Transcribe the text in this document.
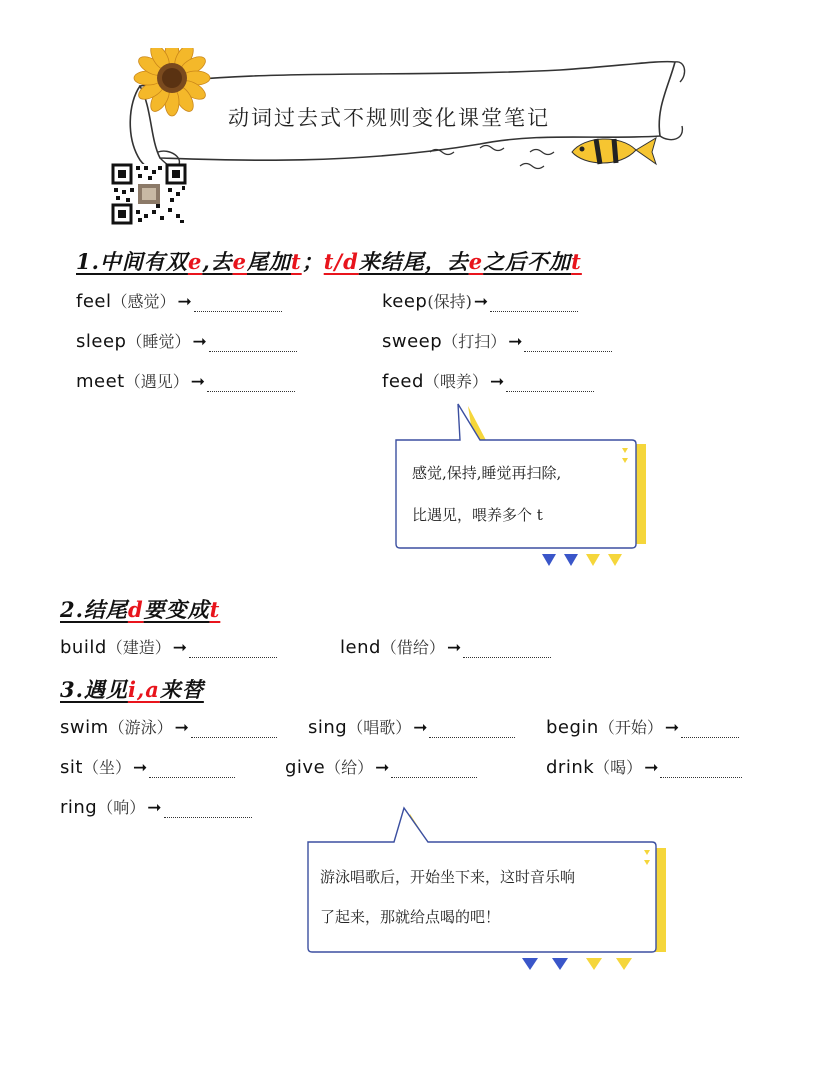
动词过去式不规则变化课堂笔记
1.中间有双e,去e尾加t；t/d来结尾，去e之后不加t
feel （感觉） ➞	keep (保持) ➞
sleep （睡觉） ➞	sweep （打扫） ➞
meet （遇见） ➞	feed （喂养） ➞
感觉,保持,睡觉再扫除,
比遇见，喂养多个 t
2.结尾d要变成t
build （建造） ➞	lend （借给） ➞
3.遇见i,a来替
swim （游泳） ➞	sing （唱歌） ➞	begin （开始） ➞
sit （坐） ➞	give （给） ➞	drink （喝） ➞
ring （响） ➞
游泳唱歌后，开始坐下来，这时音乐响
了起来，那就给点喝的吧！
